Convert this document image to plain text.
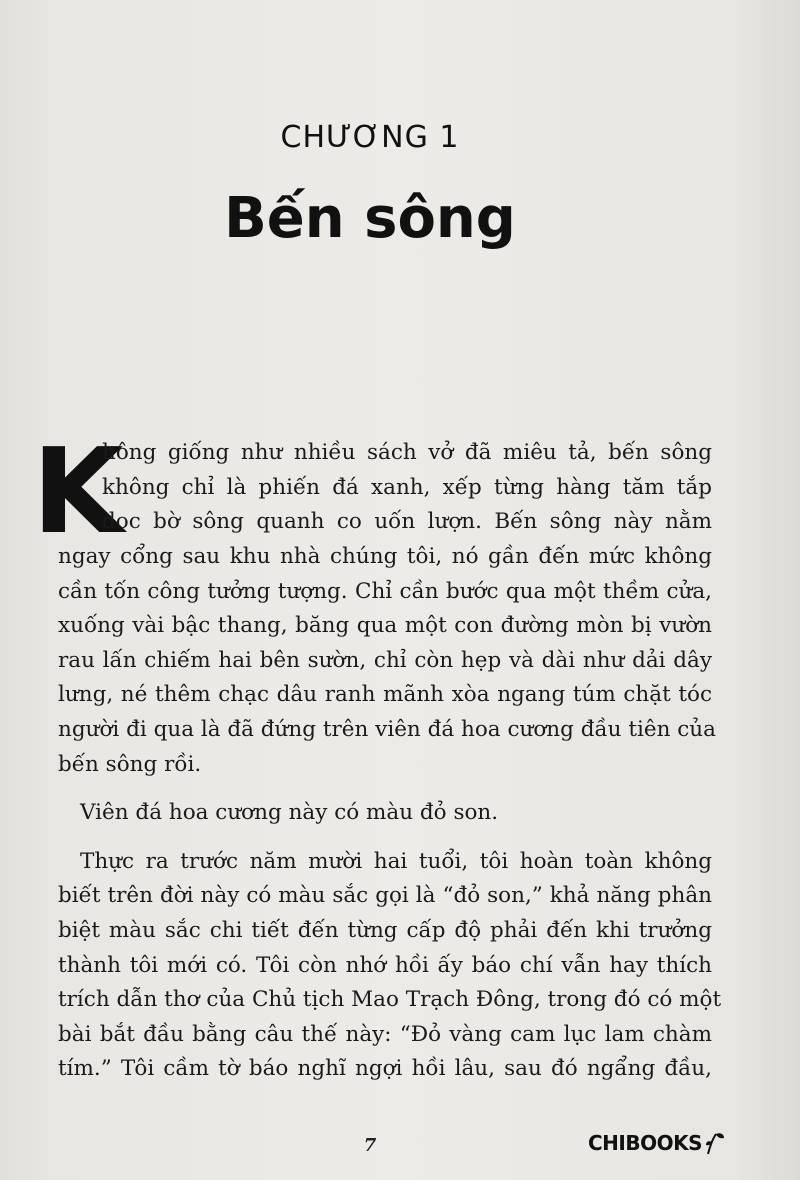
CHƯƠNG 1
Bến sông
K
hông giống như nhiều sách vở đã miêu tả, bến sông
không chỉ là phiến đá xanh, xếp từng hàng tăm tắp
dọc bờ sông quanh co uốn lượn. Bến sông này nằm

ngay cổng sau khu nhà chúng tôi, nó gần đến mức không
cần tốn công tưởng tượng. Chỉ cần bước qua một thềm cửa,
xuống vài bậc thang, băng qua một con đường mòn bị vườn
rau lấn chiếm hai bên sườn, chỉ còn hẹp và dài như dải dây
lưng, né thêm chạc dâu ranh mãnh xòa ngang túm chặt tóc
người đi qua là đã đứng trên viên đá hoa cương đầu tiên của
bến sông rồi.

Viên đá hoa cương này có màu đỏ son.

Thực ra trước năm mười hai tuổi, tôi hoàn toàn không
biết trên đời này có màu sắc gọi là “đỏ son,” khả năng phân
biệt màu sắc chi tiết đến từng cấp độ phải đến khi trưởng
thành tôi mới có. Tôi còn nhớ hồi ấy báo chí vẫn hay thích
trích dẫn thơ của Chủ tịch Mao Trạch Đông, trong đó có một
bài bắt đầu bằng câu thế này: “Đỏ vàng cam lục lam chàm
tím.” Tôi cầm tờ báo nghĩ ngợi hồi lâu, sau đó ngẩng đầu,

7	CHIBOOKS
